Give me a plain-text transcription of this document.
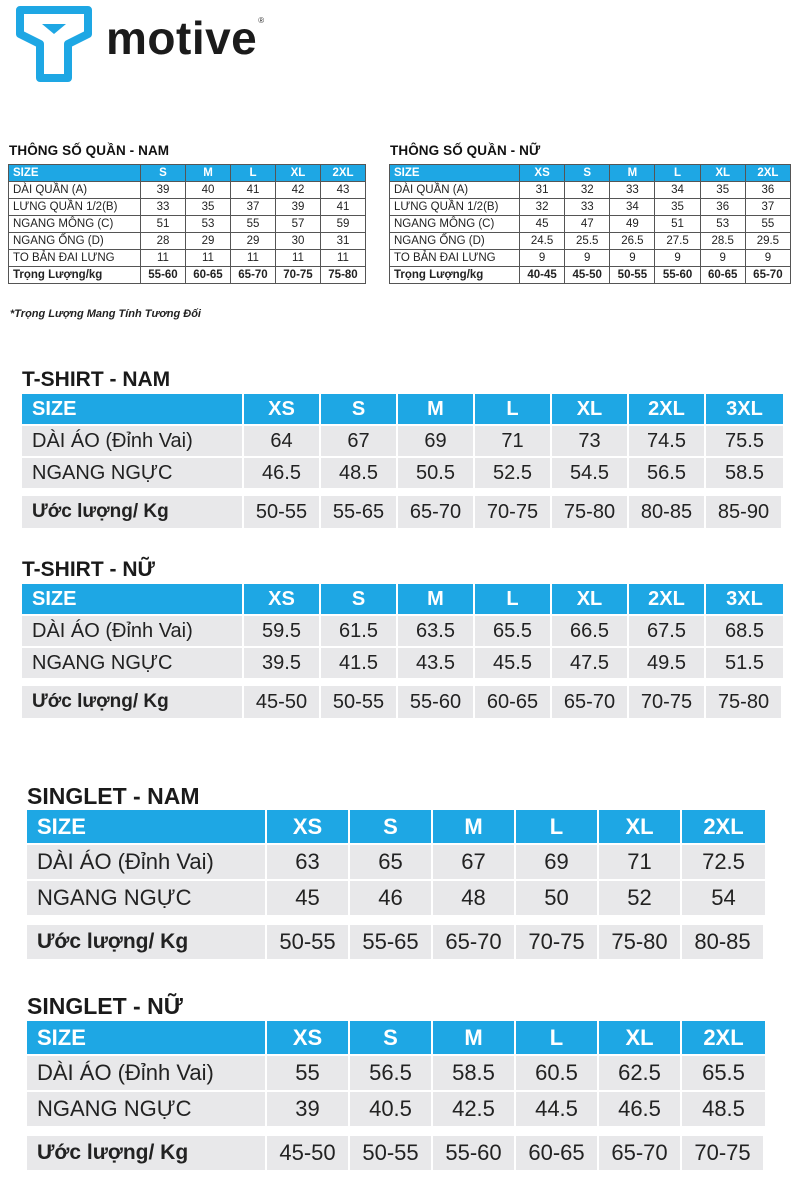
motive ®
THÔNG SỐ QUẦN - NAM
SIZE	S	M	L	XL	2XL
DÀI QUẦN (A)	39	40	41	42	43
LƯNG QUẦN 1/2(B)	33	35	37	39	41
NGANG MÔNG (C)	51	53	55	57	59
NGANG ỐNG (D)	28	29	29	30	31
TO BẢN ĐAI LƯNG	11	11	11	11	11
Trọng Lượng/kg	55-60	60-65	65-70	70-75	75-80
THÔNG SỐ QUẦN - NỮ
SIZE	XS	S	M	L	XL	2XL
DÀI QUẦN (A)	31	32	33	34	35	36
LƯNG QUẦN 1/2(B)	32	33	34	35	36	37
NGANG MÔNG (C)	45	47	49	51	53	55
NGANG ỐNG (D)	24.5	25.5	26.5	27.5	28.5	29.5
TO BẢN ĐAI LƯNG	9	9	9	9	9	9
Trọng Lượng/kg	40-45	45-50	50-55	55-60	60-65	65-70
*Trọng Lượng Mang Tính Tương Đối
T-SHIRT - NAM
SIZE	XS	S	M	L	XL	2XL	3XL
DÀI ÁO (Đỉnh Vai)	64	67	69	71	73	74.5	75.5
NGANG NGỰC	46.5	48.5	50.5	52.5	54.5	56.5	58.5
Ước lượng/ Kg	50-55	55-65	65-70	70-75	75-80	80-85	85-90
T-SHIRT - NỮ
SIZE	XS	S	M	L	XL	2XL	3XL
DÀI ÁO (Đỉnh Vai)	59.5	61.5	63.5	65.5	66.5	67.5	68.5
NGANG NGỰC	39.5	41.5	43.5	45.5	47.5	49.5	51.5
Ước lượng/ Kg	45-50	50-55	55-60	60-65	65-70	70-75	75-80
SINGLET - NAM
SIZE	XS	S	M	L	XL	2XL
DÀI ÁO (Đỉnh Vai)	63	65	67	69	71	72.5
NGANG NGỰC	45	46	48	50	52	54
Ước lượng/ Kg	50-55	55-65	65-70	70-75	75-80	80-85
SINGLET - NỮ
SIZE	XS	S	M	L	XL	2XL
DÀI ÁO (Đỉnh Vai)	55	56.5	58.5	60.5	62.5	65.5
NGANG NGỰC	39	40.5	42.5	44.5	46.5	48.5
Ước lượng/ Kg	45-50	50-55	55-60	60-65	65-70	70-75
